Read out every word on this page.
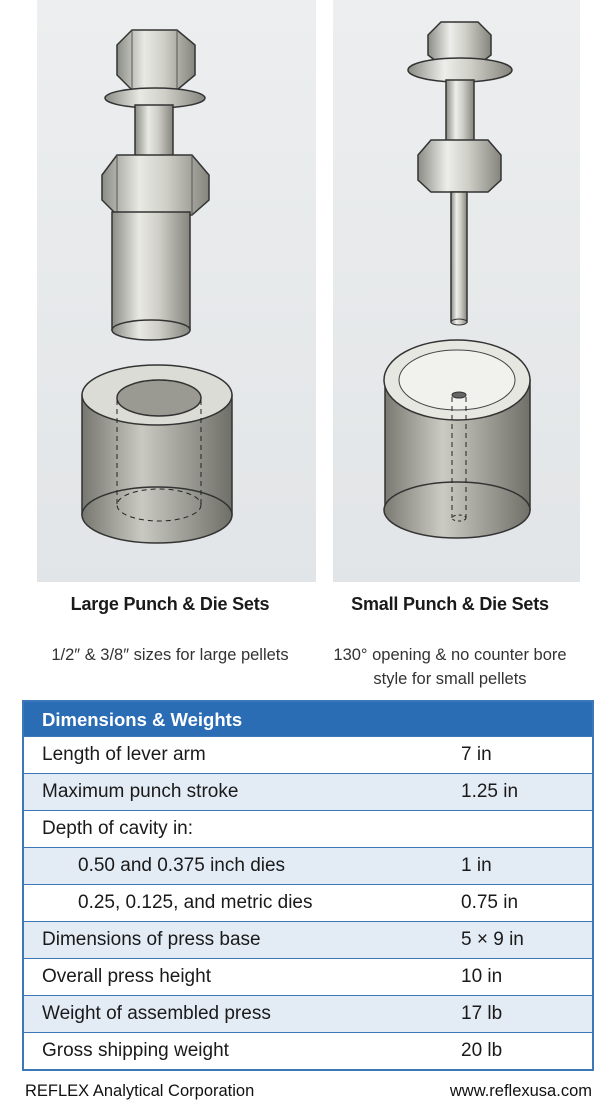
Large Punch & Die Sets	Small Punch & Die Sets
1/2″ & 3/8″ sizes for large pellets	130° opening & no counter bore style for small pellets
Dimensions & Weights
Length of lever arm	7 in
Maximum punch stroke	1.25 in
Depth of cavity in:
0.50 and 0.375 inch dies	1 in
0.25, 0.125, and metric dies	0.75 in
Dimensions of press base	5 × 9 in
Overall press height	10 in
Weight of assembled press	17 lb
Gross shipping weight	20 lb
REFLEX Analytical Corporation	www.reflexusa.com
